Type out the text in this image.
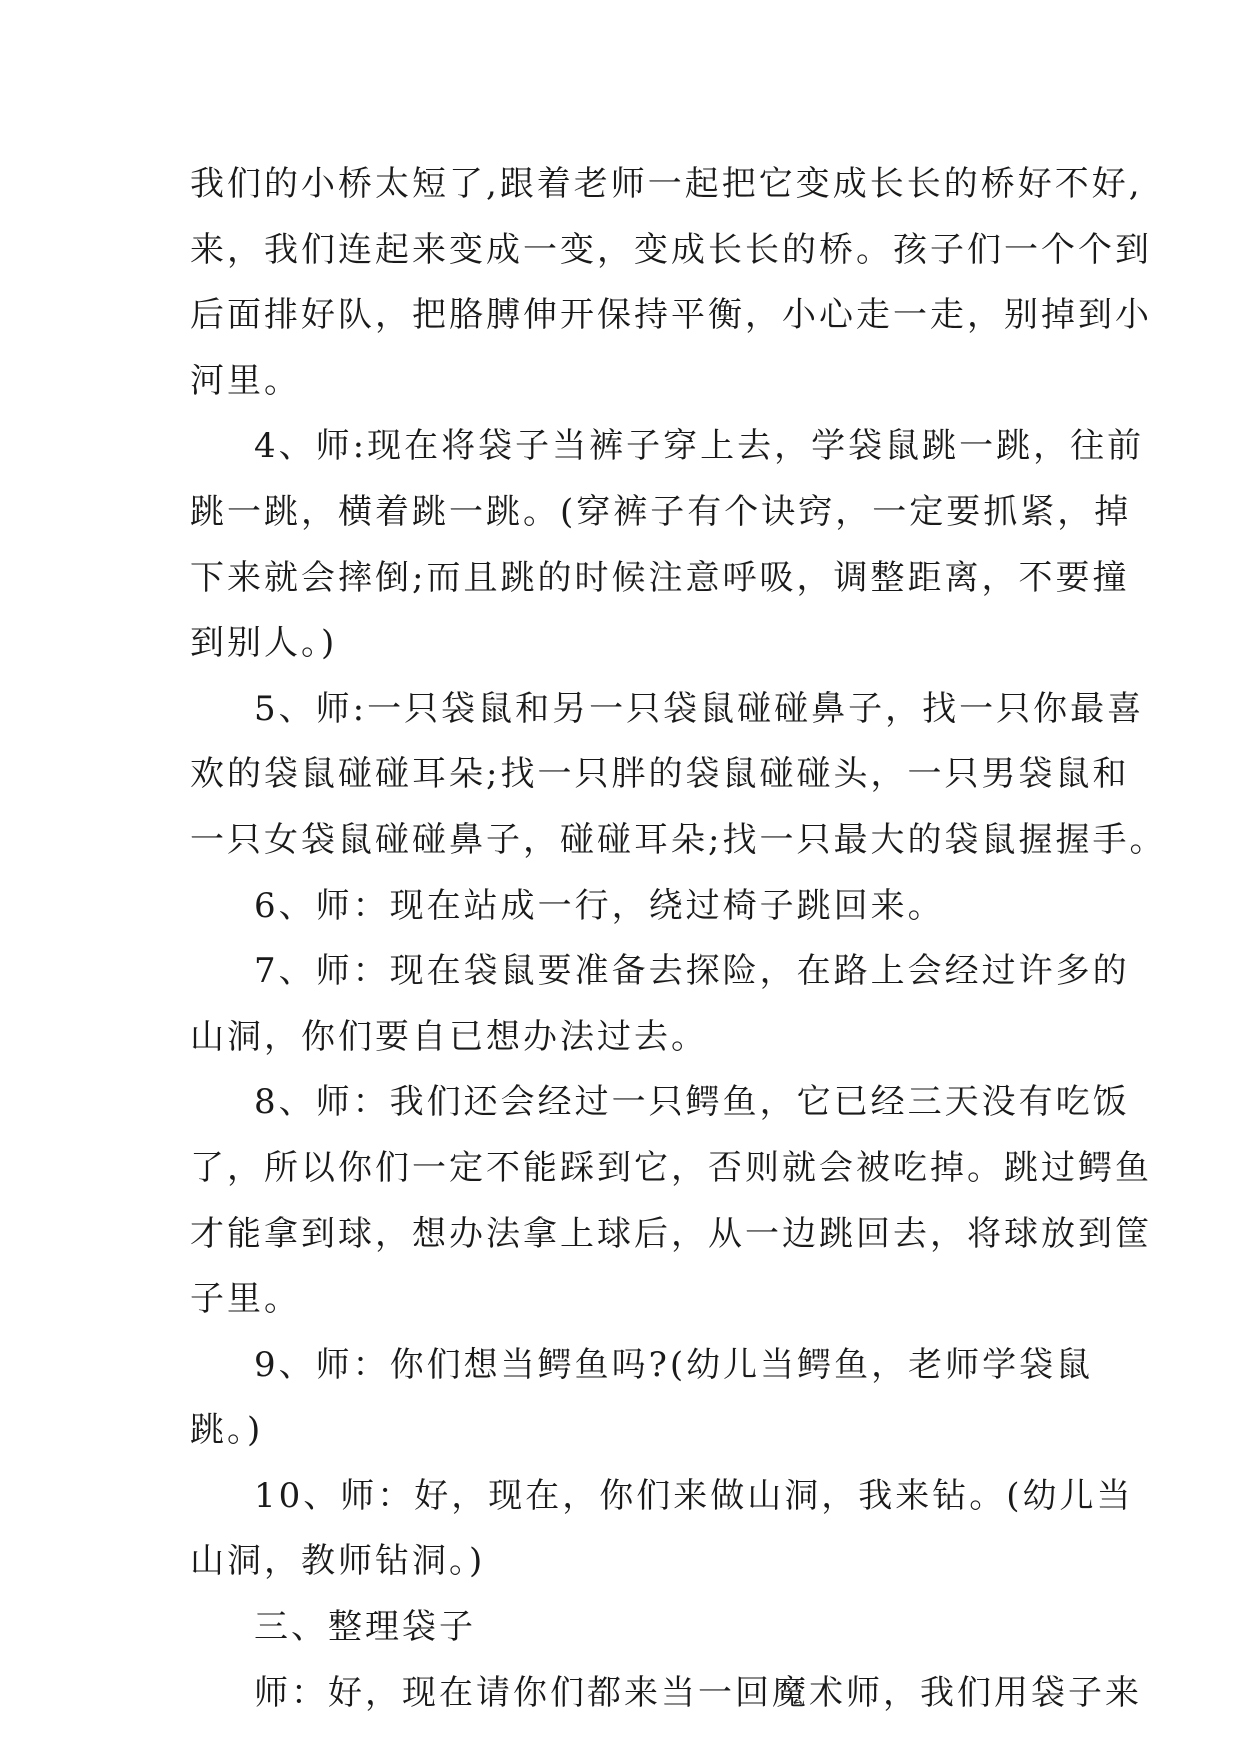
我们的小桥太短了,跟着老师一起把它变成长长的桥好不好,
来，我们连起来变成一变，变成长长的桥。孩子们一个个到
后面排好队，把胳膊伸开保持平衡，小心走一走，别掉到小
河里。
4、师:现在将袋子当裤子穿上去，学袋鼠跳一跳，往前
跳一跳，横着跳一跳。(穿裤子有个诀窍，一定要抓紧，掉
下来就会摔倒;而且跳的时候注意呼吸，调整距离，不要撞
到别人。)
5、师:一只袋鼠和另一只袋鼠碰碰鼻子，找一只你最喜
欢的袋鼠碰碰耳朵;找一只胖的袋鼠碰碰头，一只男袋鼠和
一只女袋鼠碰碰鼻子，碰碰耳朵;找一只最大的袋鼠握握手。
6、师：现在站成一行，绕过椅子跳回来。
7、师：现在袋鼠要准备去探险，在路上会经过许多的
山洞，你们要自已想办法过去。
8、师：我们还会经过一只鳄鱼，它已经三天没有吃饭
了，所以你们一定不能踩到它，否则就会被吃掉。跳过鳄鱼
才能拿到球，想办法拿上球后，从一边跳回去，将球放到筐
子里。
9、师：你们想当鳄鱼吗?(幼儿当鳄鱼，老师学袋鼠
跳。)
10、师：好，现在，你们来做山洞，我来钻。(幼儿当
山洞，教师钻洞。)
三、整理袋子
师：好，现在请你们都来当一回魔术师，我们用袋子来
